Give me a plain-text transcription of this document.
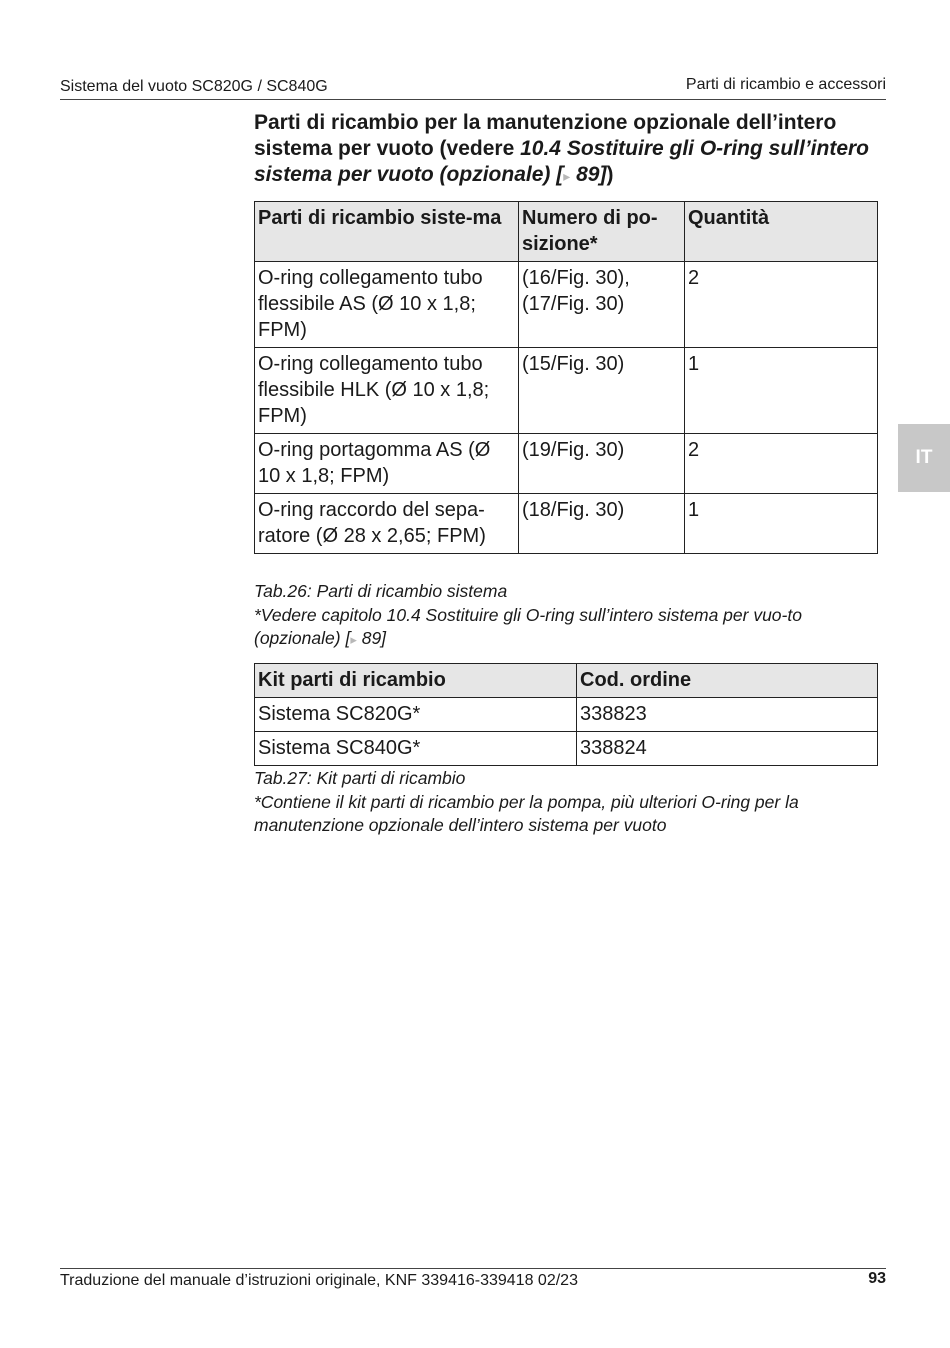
Sistema del vuoto SC820G / SC840G	Parti di ricambio e accessori
IT

Parti di ricambio per la manutenzione opzionale dell’intero sistema per vuoto (vedere 10.4 Sostituire gli O-ring sull’intero sistema per vuoto (opzionale) [▸ 89])

Parti di ricambio siste-ma	Numero di po-sizione*	Quantità
O-ring collegamento tubo flessibile AS (Ø 10 x 1,8; FPM)	(16/Fig. 30), (17/Fig. 30)	2
O-ring collegamento tubo flessibile HLK (Ø 10 x 1,8; FPM)	(15/Fig. 30)	1
O-ring portagomma AS (Ø 10 x 1,8; FPM)	(19/Fig. 30)	2
O-ring raccordo del sepa-ratore (Ø 28 x 2,65; FPM)	(18/Fig. 30)	1

Tab.26: Parti di ricambio sistema

*Vedere capitolo 10.4 Sostituire gli O-ring sull’intero sistema per vuo-to (opzionale) [▸ 89]

Kit parti di ricambio	Cod. ordine
Sistema SC820G*	338823
Sistema SC840G*	338824

Tab.27: Kit parti di ricambio

*Contiene il kit parti di ricambio per la pompa, più ulteriori O-ring per la manutenzione opzionale dell’intero sistema per vuoto

Traduzione del manuale d’istruzioni originale, KNF 339416-339418 02/23	93
